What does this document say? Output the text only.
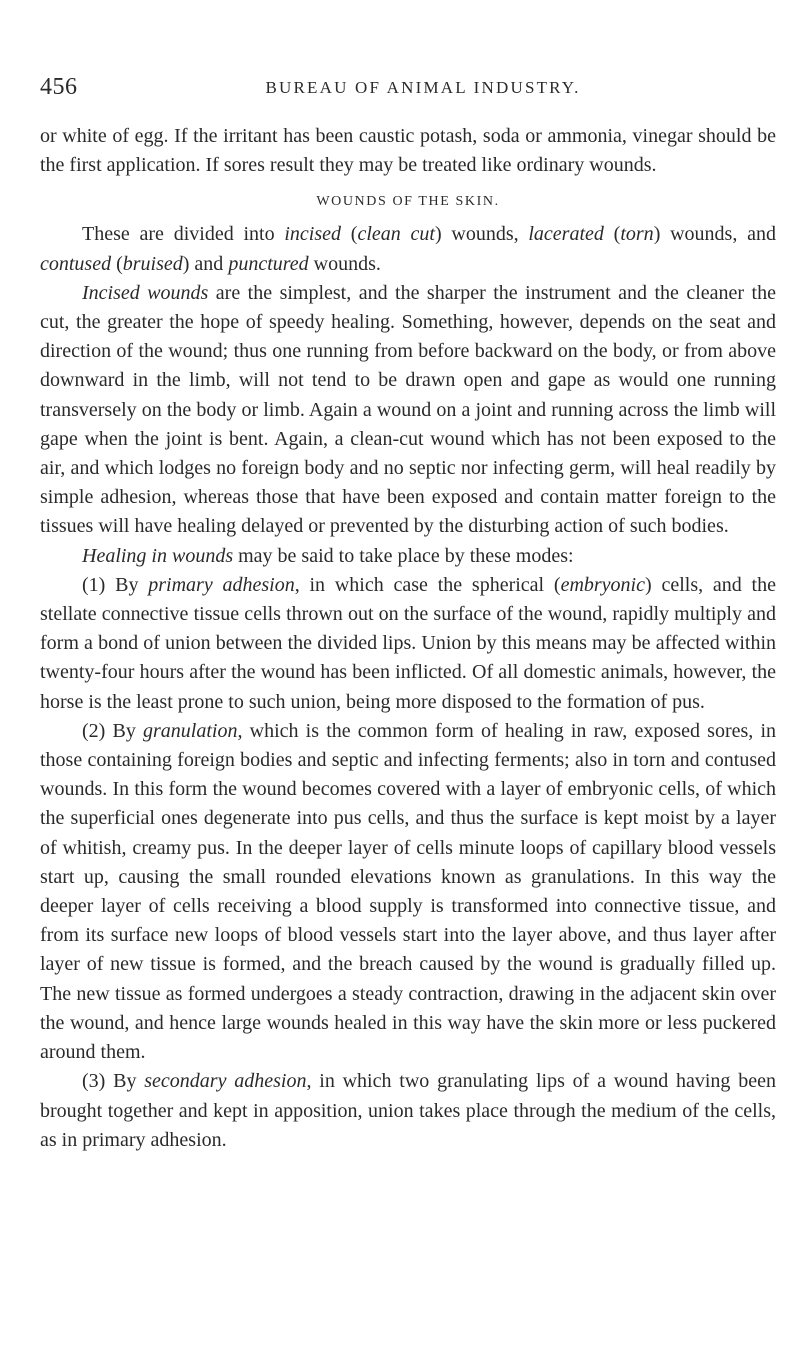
456	BUREAU OF ANIMAL INDUSTRY.

or white of egg. If the irritant has been caustic potash, soda or ammonia, vinegar should be the first application. If sores result they may be treated like ordinary wounds.

WOUNDS OF THE SKIN.

These are divided into incised (clean cut) wounds, lacerated (torn) wounds, and contused (bruised) and punctured wounds.

Incised wounds are the simplest, and the sharper the instrument and the cleaner the cut, the greater the hope of speedy healing. Something, however, depends on the seat and direction of the wound; thus one running from before backward on the body, or from above downward in the limb, will not tend to be drawn open and gape as would one running transversely on the body or limb. Again a wound on a joint and running across the limb will gape when the joint is bent. Again, a clean-cut wound which has not been exposed to the air, and which lodges no foreign body and no septic nor infecting germ, will heal readily by simple adhesion, whereas those that have been exposed and contain matter foreign to the tissues will have healing delayed or prevented by the disturbing action of such bodies.

Healing in wounds may be said to take place by these modes:

(1) By primary adhesion, in which case the spherical (embryonic) cells, and the stellate connective tissue cells thrown out on the surface of the wound, rapidly multiply and form a bond of union between the divided lips. Union by this means may be affected within twenty-four hours after the wound has been inflicted. Of all domestic animals, however, the horse is the least prone to such union, being more disposed to the formation of pus.

(2) By granulation, which is the common form of healing in raw, exposed sores, in those containing foreign bodies and septic and infecting ferments; also in torn and contused wounds. In this form the wound becomes covered with a layer of embryonic cells, of which the superficial ones degenerate into pus cells, and thus the surface is kept moist by a layer of whitish, creamy pus. In the deeper layer of cells minute loops of capillary blood vessels start up, causing the small rounded elevations known as granulations. In this way the deeper layer of cells receiving a blood supply is transformed into connective tissue, and from its surface new loops of blood vessels start into the layer above, and thus layer after layer of new tissue is formed, and the breach caused by the wound is gradually filled up. The new tissue as formed undergoes a steady contraction, drawing in the adjacent skin over the wound, and hence large wounds healed in this way have the skin more or less puckered around them.

(3) By secondary adhesion, in which two granulating lips of a wound having been brought together and kept in apposition, union takes place through the medium of the cells, as in primary adhesion.
